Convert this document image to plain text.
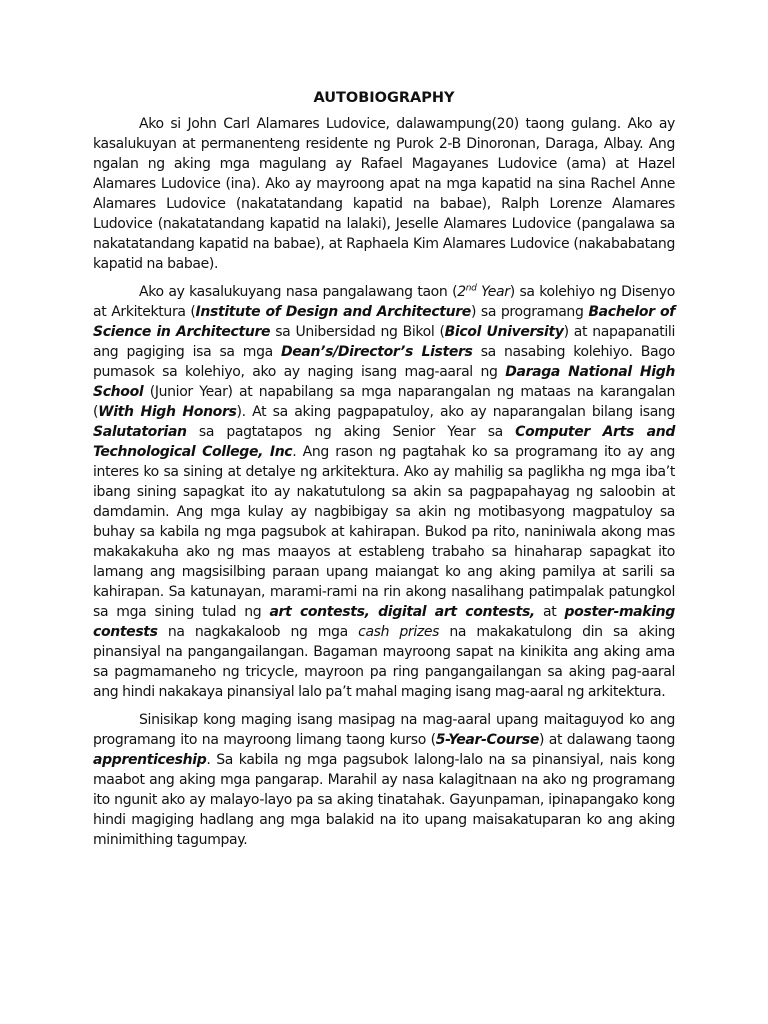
AUTOBIOGRAPHY

Ako si John Carl Alamares Ludovice, dalawampung(20) taong gulang. Ako ay kasalukuyan at permanenteng residente ng Purok 2-B Dinoronan, Daraga, Albay. Ang ngalan ng aking mga magulang ay Rafael Magayanes Ludovice (ama) at Hazel Alamares Ludovice (ina). Ako ay mayroong apat na mga kapatid na sina Rachel Anne Alamares Ludovice (nakatatandang kapatid na babae), Ralph Lorenze Alamares Ludovice (nakatatandang kapatid na lalaki), Jeselle Alamares Ludovice (pangalawa sa nakatatandang kapatid na babae), at Raphaela Kim Alamares Ludovice (nakababatang kapatid na babae).

Ako ay kasalukuyang nasa pangalawang taon (2nd Year) sa kolehiyo ng Disenyo at Arkitektura (Institute of Design and Architecture) sa programang Bachelor of Science in Architecture sa Unibersidad ng Bikol (Bicol University) at napapanatili ang pagiging isa sa mga Dean’s/Director’s Listers sa nasabing kolehiyo. Bago pumasok sa kolehiyo, ako ay naging isang mag-aaral ng Daraga National High School (Junior Year) at napabilang sa mga naparangalan ng mataas na karangalan (With High Honors). At sa aking pagpapatuloy, ako ay naparangalan bilang isang Salutatorian sa pagtatapos ng aking Senior Year sa Computer Arts and Technological College, Inc. Ang rason ng pagtahak ko sa programang ito ay ang interes ko sa sining at detalye ng arkitektura. Ako ay mahilig sa paglikha ng mga iba’t ibang sining sapagkat ito ay nakatutulong sa akin sa pagpapahayag ng saloobin at damdamin. Ang mga kulay ay nagbibigay sa akin ng motibasyong magpatuloy sa buhay sa kabila ng mga pagsubok at kahirapan. Bukod pa rito, naniniwala akong mas makakakuha ako ng mas maayos at estableng trabaho sa hinaharap sapagkat ito lamang ang magsisilbing paraan upang maiangat ko ang aking pamilya at sarili sa kahirapan. Sa katunayan, marami-rami na rin akong nasalihang patimpalak patungkol sa mga sining tulad ng art contests, digital art contests, at poster-making contests na nagkakaloob ng mga cash prizes na makakatulong din sa aking pinansiyal na pangangailangan. Bagaman mayroong sapat na kinikita ang aking ama sa pagmamaneho ng tricycle, mayroon pa ring pangangailangan sa aking pag-aaral ang hindi nakakaya pinansiyal lalo pa’t mahal maging isang mag-aaral ng arkitektura.

Sinisikap kong maging isang masipag na mag-aaral upang maitaguyod ko ang programang ito na mayroong limang taong kurso (5-Year-Course) at dalawang taong apprenticeship. Sa kabila ng mga pagsubok lalong-lalo na sa pinansiyal, nais kong maabot ang aking mga pangarap. Marahil ay nasa kalagitnaan na ako ng programang ito ngunit ako ay malayo-layo pa sa aking tinatahak. Gayunpaman, ipinapangako kong hindi magiging hadlang ang mga balakid na ito upang maisakatuparan ko ang aking minimithing tagumpay.
